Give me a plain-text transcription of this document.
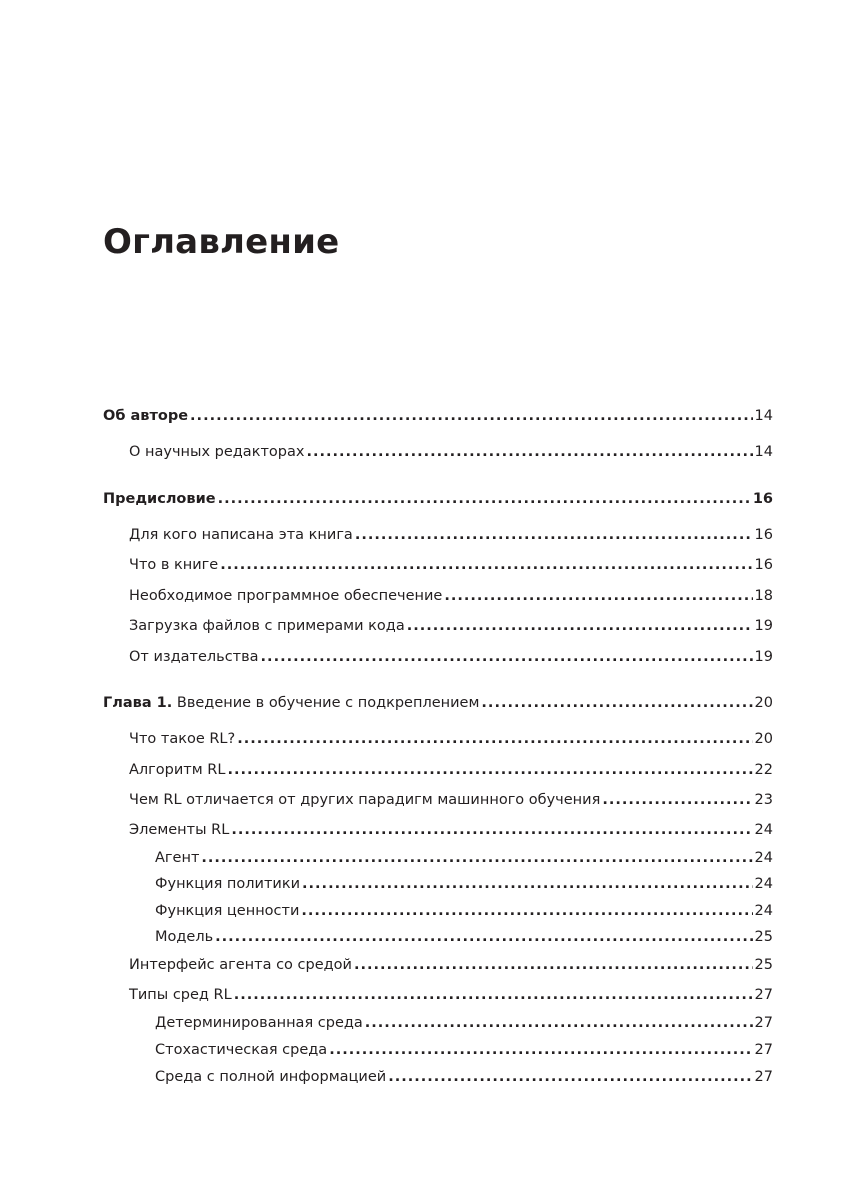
Оглавление
Об авторе .....	14
О научных редакторах .....	14
Предисловие .....	16
Для кого написана эта книга .....	16
Что в книге .....	16
Необходимое программное обеспечение .....	18
Загрузка файлов с примерами кода .....	19
От издательства .....	19
Глава 1. Введение в обучение с подкреплением .....	20
Что такое RL? .....	20
Алгоритм RL .....	22
Чем RL отличается от других парадигм машинного обучения .....	23
Элементы RL .....	24
Агент .....	24
Функция политики .....	24
Функция ценности .....	24
Модель .....	25
Интерфейс агента со средой .....	25
Типы сред RL .....	27
Детерминированная среда .....	27
Стохастическая среда .....	27
Среда с полной информацией .....	27
